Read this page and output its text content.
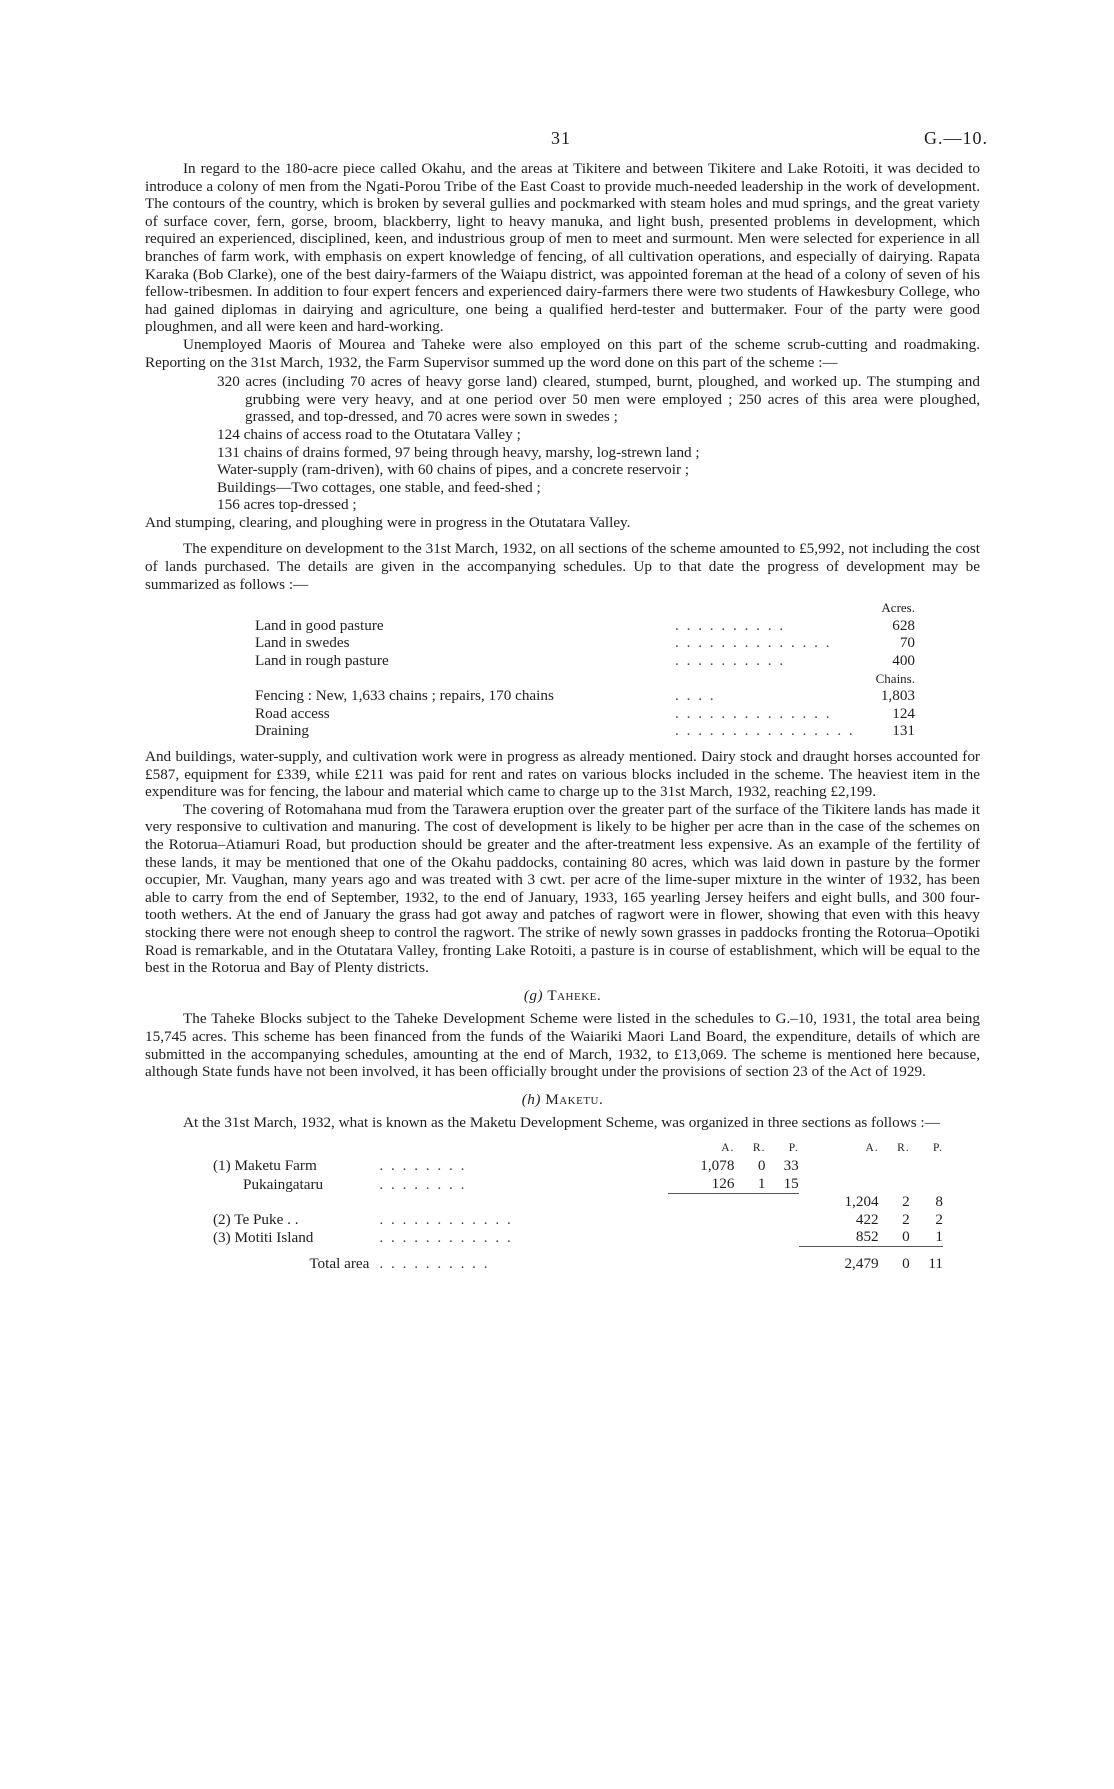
31	G.—10.

In regard to the 180-acre piece called Okahu, and the areas at Tikitere and between Tikitere and Lake Rotoiti, it was decided to introduce a colony of men from the Ngati-Porou Tribe of the East Coast to provide much-needed leadership in the work of development. The contours of the country, which is broken by several gullies and pockmarked with steam holes and mud springs, and the great variety of surface cover, fern, gorse, broom, blackberry, light to heavy manuka, and light bush, presented problems in development, which required an experienced, disciplined, keen, and industrious group of men to meet and surmount. Men were selected for experience in all branches of farm work, with emphasis on expert knowledge of fencing, of all cultivation operations, and especially of dairying. Rapata Karaka (Bob Clarke), one of the best dairy-farmers of the Waiapu district, was appointed foreman at the head of a colony of seven of his fellow-tribesmen. In addition to four expert fencers and experienced dairy-farmers there were two students of Hawkesbury College, who had gained diplomas in dairying and agriculture, one being a qualified herd-tester and buttermaker. Four of the party were good ploughmen, and all were keen and hard-working.

Unemployed Maoris of Mourea and Taheke were also employed on this part of the scheme scrub-cutting and roadmaking. Reporting on the 31st March, 1932, the Farm Supervisor summed up the word done on this part of the scheme :—

320 acres (including 70 acres of heavy gorse land) cleared, stumped, burnt, ploughed, and worked up. The stumping and grubbing were very heavy, and at one period over 50 men were employed ; 250 acres of this area were ploughed, grassed, and top-dressed, and 70 acres were sown in swedes ;
124 chains of access road to the Otutatara Valley ;
131 chains of drains formed, 97 being through heavy, marshy, log-strewn land ;
Water-supply (ram-driven), with 60 chains of pipes, and a concrete reservoir ;
Buildings—Two cottages, one stable, and feed-shed ;
156 acres top-dressed ;

And stumping, clearing, and ploughing were in progress in the Otutatara Valley.

The expenditure on development to the 31st March, 1932, on all sections of the scheme amounted to £5,992, not including the cost of lands purchased. The details are given in the accompanying schedules. Up to that date the progress of development may be summarized as follows :—

		Acres.
Land in good pasture	. . . . . . . . . .	628
Land in swedes	. . . . . . . . . . . . . .	70
Land in rough pasture	. . . . . . . . . .	400
		Chains.
Fencing : New, 1,633 chains ; repairs, 170 chains	. . . .	1,803
Road access	. . . . . . . . . . . . . .	124
Draining	. . . . . . . . . . . . . . . .	131

And buildings, water-supply, and cultivation work were in progress as already mentioned. Dairy stock and draught horses accounted for £587, equipment for £339, while £211 was paid for rent and rates on various blocks included in the scheme. The heaviest item in the expenditure was for fencing, the labour and material which came to charge up to the 31st March, 1932, reaching £2,199.

The covering of Rotomahana mud from the Tarawera eruption over the greater part of the surface of the Tikitere lands has made it very responsive to cultivation and manuring. The cost of development is likely to be higher per acre than in the case of the schemes on the Rotorua–Atiamuri Road, but production should be greater and the after-treatment less expensive. As an example of the fertility of these lands, it may be mentioned that one of the Okahu paddocks, containing 80 acres, which was laid down in pasture by the former occupier, Mr. Vaughan, many years ago and was treated with 3 cwt. per acre of the lime-super mixture in the winter of 1932, has been able to carry from the end of September, 1932, to the end of January, 1933, 165 yearling Jersey heifers and eight bulls, and 300 four-tooth wethers. At the end of January the grass had got away and patches of ragwort were in flower, showing that even with this heavy stocking there were not enough sheep to control the ragwort. The strike of newly sown grasses in paddocks fronting the Rotorua–Opotiki Road is remarkable, and in the Otutatara Valley, fronting Lake Rotoiti, a pasture is in course of establishment, which will be equal to the best in the Rotorua and Bay of Plenty districts.

(g) Taheke.

The Taheke Blocks subject to the Taheke Development Scheme were listed in the schedules to G.–10, 1931, the total area being 15,745 acres. This scheme has been financed from the funds of the Waiariki Maori Land Board, the expenditure, details of which are submitted in the accompanying schedules, amounting at the end of March, 1932, to £13,069. The scheme is mentioned here because, although State funds have not been involved, it has been officially brought under the provisions of section 23 of the Act of 1929.

(h) Maketu.

At the 31st March, 1932, what is known as the Maketu Development Scheme, was organized in three sections as follows :—

		A.	R.	P.	A.	R.	P.
(1) Maketu Farm	. . . . . . . .	1,078	0	33			
Pukaingataru	. . . . . . . .	126	1	15			
					1,204	2	8
(2) Te Puke . .	. . . . . . . . . . . .				422	2	2
(3) Motiti Island	. . . . . . . . . . . .				852	0	1

Total area	. . . . . . . . . .				2,479	0	11
